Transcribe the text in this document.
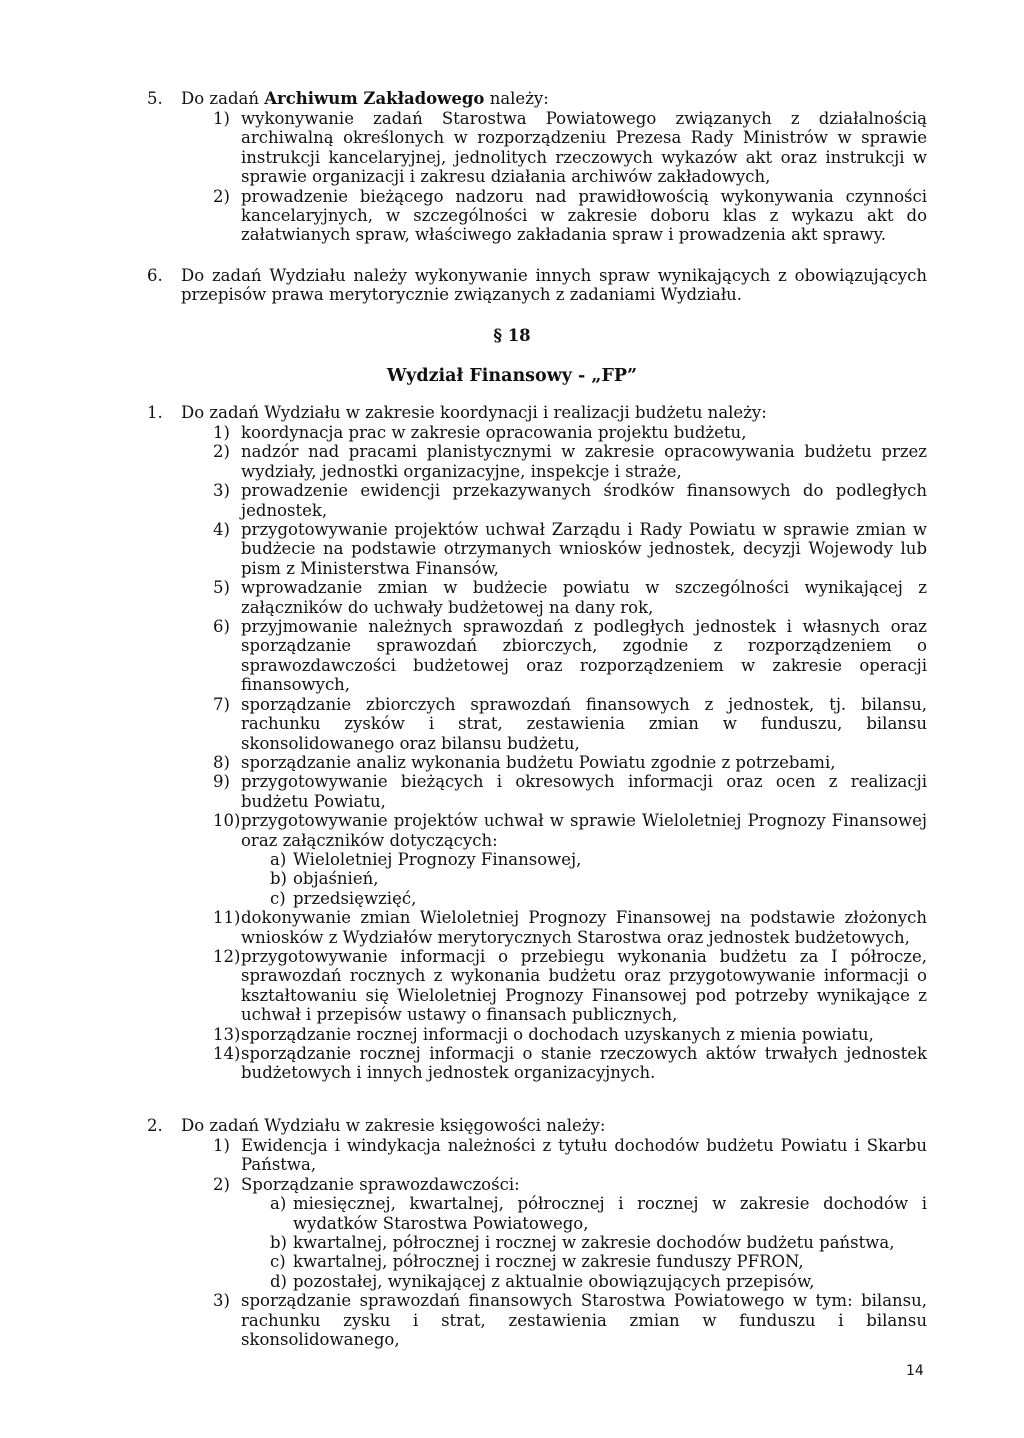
5. Do zadań Archiwum Zakładowego należy:
1) wykonywanie zadań Starostwa Powiatowego związanych z działalnością archiwalną określonych w rozporządzeniu Prezesa Rady Ministrów w sprawie instrukcji kancelaryjnej, jednolitych rzeczowych wykazów akt oraz instrukcji w sprawie organizacji i zakresu działania archiwów zakładowych,
2) prowadzenie bieżącego nadzoru nad prawidłowością wykonywania czynności kancelaryjnych, w szczególności w zakresie doboru klas z wykazu akt do załatwianych spraw, właściwego zakładania spraw i prowadzenia akt sprawy.
6. Do zadań Wydziału należy wykonywanie innych spraw wynikających z obowiązujących przepisów prawa merytorycznie związanych z zadaniami Wydziału.
§ 18
Wydział Finansowy - „FP”
1. Do zadań Wydziału w zakresie koordynacji i realizacji budżetu należy:
1) koordynacja prac w zakresie opracowania projektu budżetu,
2) nadzór nad pracami planistycznymi w zakresie opracowywania budżetu przez wydziały, jednostki organizacyjne, inspekcje i straże,
3) prowadzenie ewidencji przekazywanych środków finansowych do podległych jednostek,
4) przygotowywanie projektów uchwał Zarządu i Rady Powiatu w sprawie zmian w budżecie na podstawie otrzymanych wniosków jednostek, decyzji Wojewody lub pism z Ministerstwa Finansów,
5) wprowadzanie zmian w budżecie powiatu w szczególności wynikającej z załączników do uchwały budżetowej na dany rok,
6) przyjmowanie należnych sprawozdań z podległych jednostek i własnych oraz sporządzanie sprawozdań zbiorczych, zgodnie z rozporządzeniem o sprawozdawczości budżetowej oraz rozporządzeniem w zakresie operacji finansowych,
7) sporządzanie zbiorczych sprawozdań finansowych z jednostek, tj. bilansu, rachunku zysków i strat, zestawienia zmian w funduszu, bilansu skonsolidowanego oraz bilansu budżetu,
8) sporządzanie analiz wykonania budżetu Powiatu zgodnie z potrzebami,
9) przygotowywanie bieżących i okresowych informacji oraz ocen z realizacji budżetu Powiatu,
10) przygotowywanie projektów uchwał w sprawie Wieloletniej Prognozy Finansowej oraz załączników dotyczących:
a) Wieloletniej Prognozy Finansowej,
b) objaśnień,
c) przedsięwzięć,
11) dokonywanie zmian Wieloletniej Prognozy Finansowej na podstawie złożonych wniosków z Wydziałów merytorycznych Starostwa oraz jednostek budżetowych,
12) przygotowywanie informacji o przebiegu wykonania budżetu za I półrocze, sprawozdań rocznych z wykonania budżetu oraz przygotowywanie informacji o kształtowaniu się Wieloletniej Prognozy Finansowej pod potrzeby wynikające z uchwał i przepisów ustawy o finansach publicznych,
13) sporządzanie rocznej informacji o dochodach uzyskanych z mienia powiatu,
14) sporządzanie rocznej informacji o stanie rzeczowych aktów trwałych jednostek budżetowych i innych jednostek organizacyjnych.
2. Do zadań Wydziału w zakresie księgowości należy:
1) Ewidencja i windykacja należności z tytułu dochodów budżetu Powiatu i Skarbu Państwa,
2) Sporządzanie sprawozdawczości:
a) miesięcznej, kwartalnej, półrocznej i rocznej w zakresie dochodów i wydatków Starostwa Powiatowego,
b) kwartalnej, półrocznej i rocznej w zakresie dochodów budżetu państwa,
c) kwartalnej, półrocznej i rocznej w zakresie funduszy PFRON,
d) pozostałej, wynikającej z aktualnie obowiązujących przepisów,
3) sporządzanie sprawozdań finansowych Starostwa Powiatowego w tym: bilansu, rachunku zysku i strat, zestawienia zmian w funduszu i bilansu skonsolidowanego,
14
